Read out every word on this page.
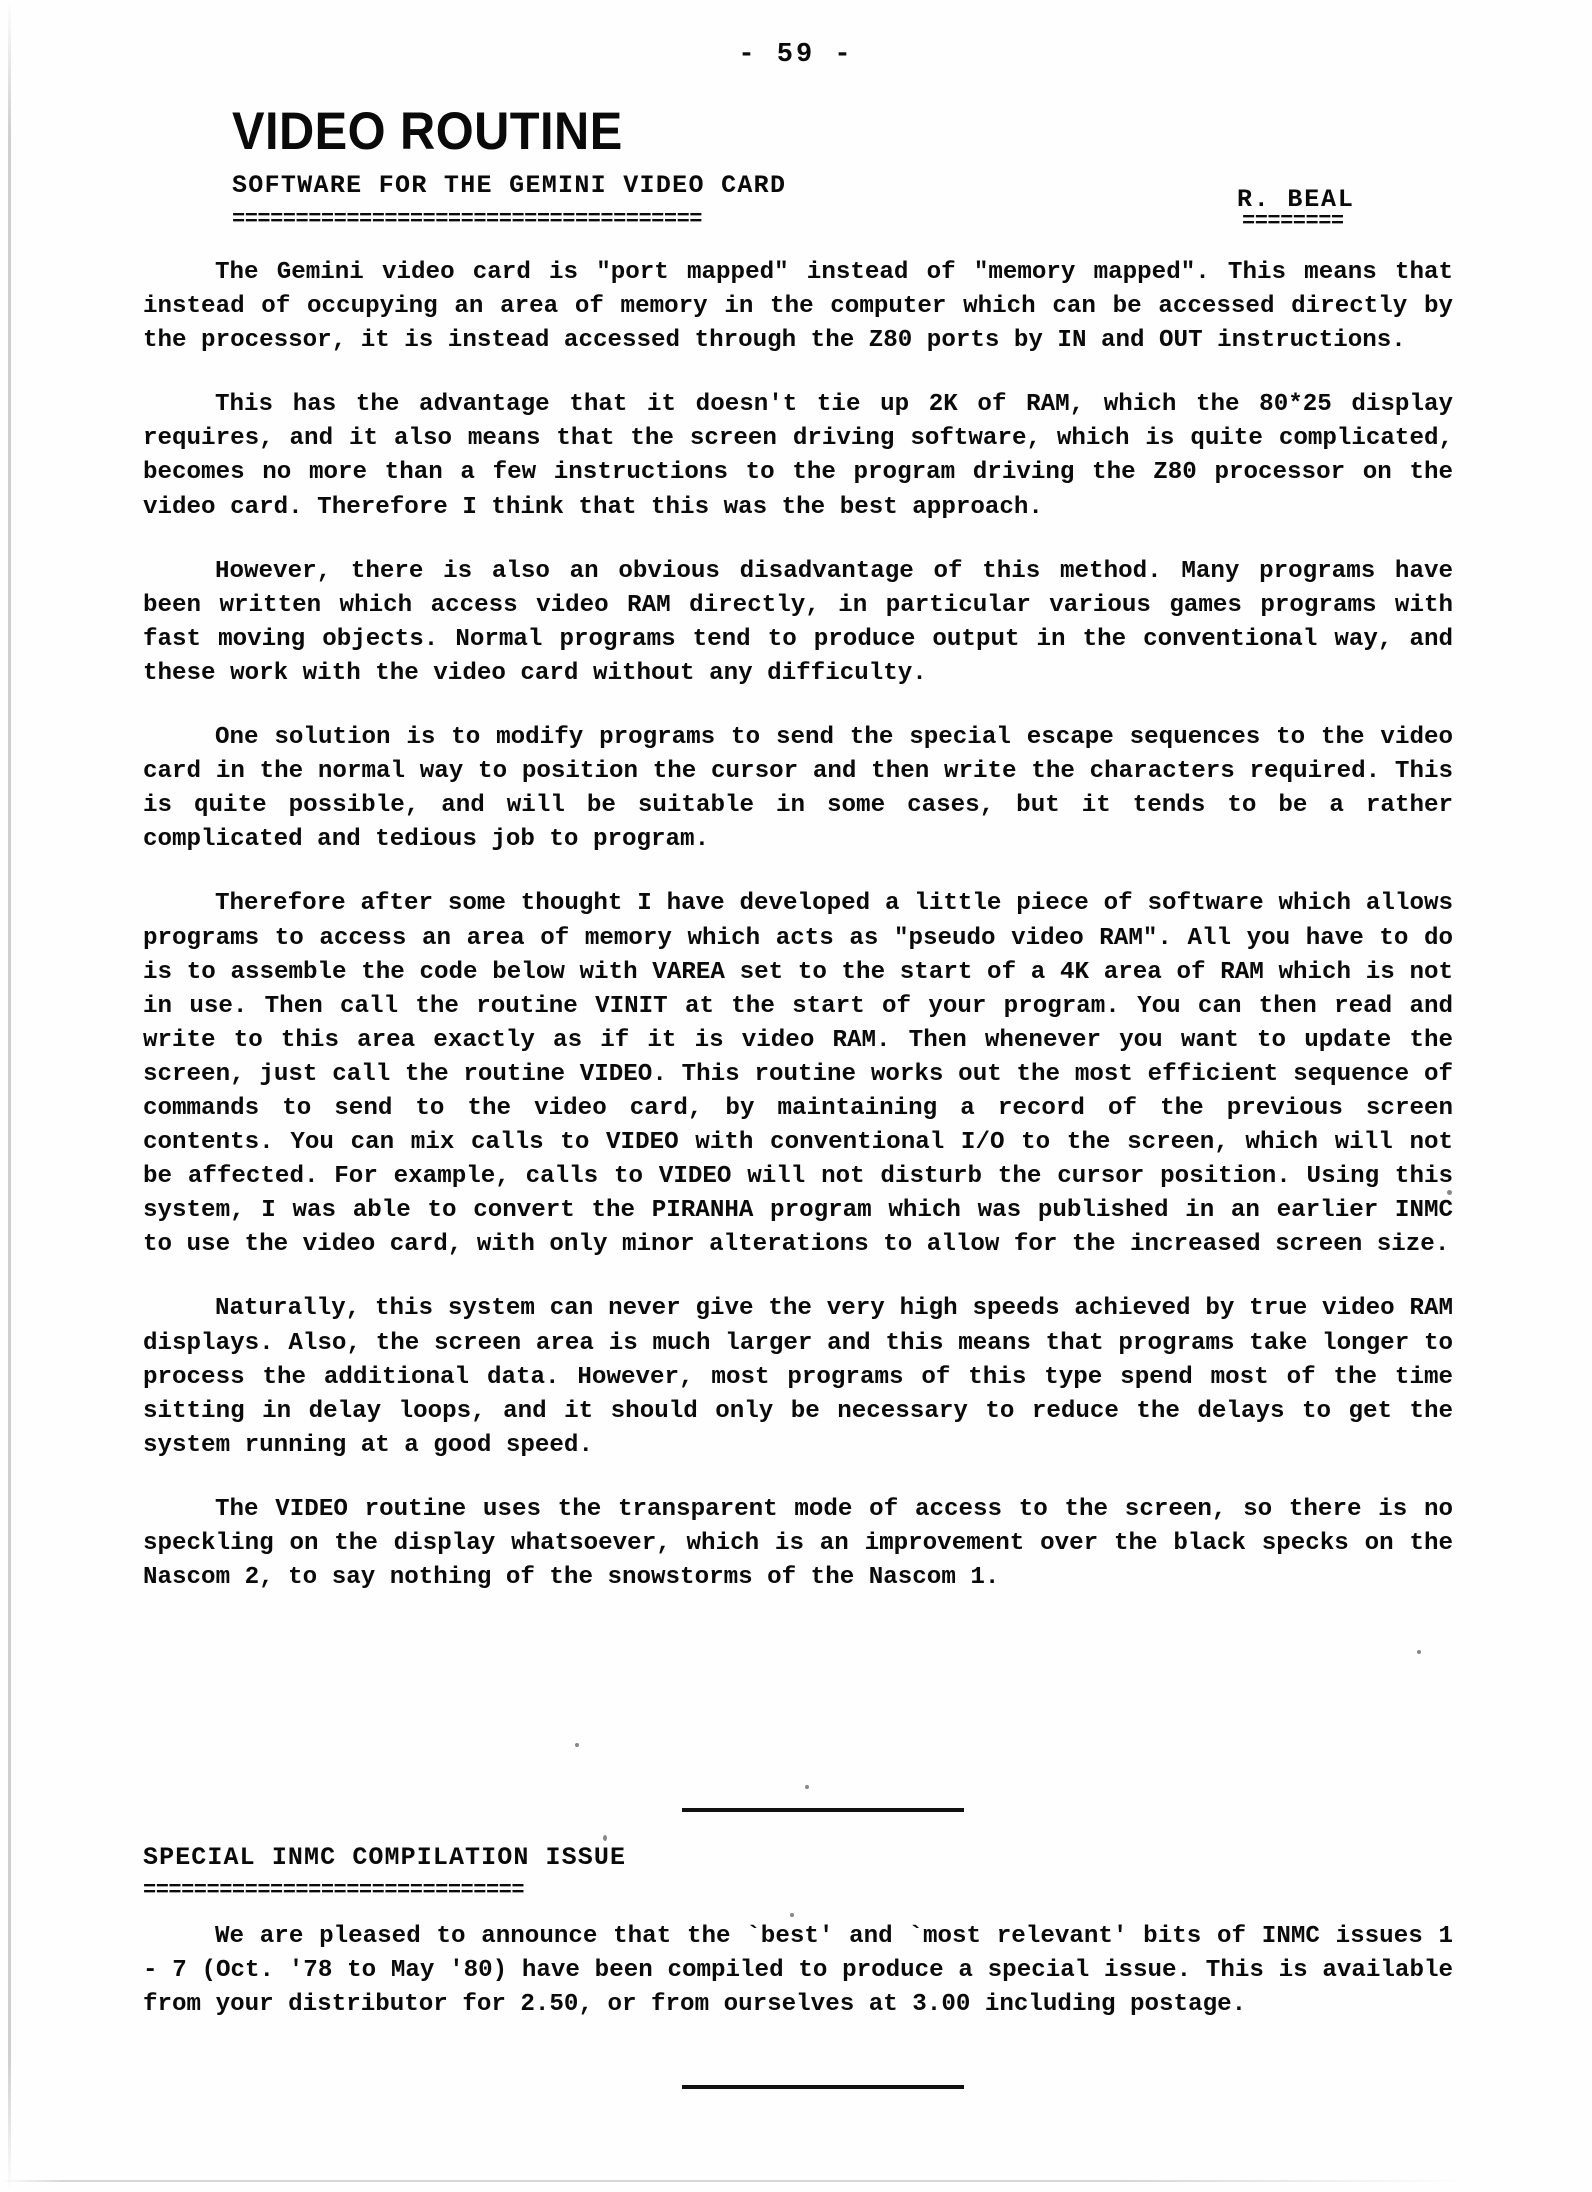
- 59 -
VIDEO ROUTINE
SOFTWARE FOR THE GEMINI VIDEO CARD	R. BEAL
=====================================	========

The Gemini video card is "port mapped" instead of "memory mapped". This means that instead of occupying an area of memory in the computer which can be accessed directly by the processor, it is instead accessed through the Z80 ports by IN and OUT instructions.

This has the advantage that it doesn't tie up 2K of RAM, which the 80*25 display requires, and it also means that the screen driving software, which is quite complicated, becomes no more than a few instructions to the program driving the Z80 processor on the video card. Therefore I think that this was the best approach.

However, there is also an obvious disadvantage of this method. Many programs have been written which access video RAM directly, in particular various games programs with fast moving objects. Normal programs tend to produce output in the conventional way, and these work with the video card without any difficulty.

One solution is to modify programs to send the special escape sequences to the video card in the normal way to position the cursor and then write the characters required. This is quite possible, and will be suitable in some cases, but it tends to be a rather complicated and tedious job to program.

Therefore after some thought I have developed a little piece of software which allows programs to access an area of memory which acts as "pseudo video RAM". All you have to do is to assemble the code below with VAREA set to the start of a 4K area of RAM which is not in use. Then call the routine VINIT at the start of your program. You can then read and write to this area exactly as if it is video RAM. Then whenever you want to update the screen, just call the routine VIDEO. This routine works out the most efficient sequence of commands to send to the video card, by maintaining a record of the previous screen contents. You can mix calls to VIDEO with conventional I/O to the screen, which will not be affected. For example, calls to VIDEO will not disturb the cursor position. Using this system, I was able to convert the PIRANHA program which was published in an earlier INMC to use the video card, with only minor alterations to allow for the increased screen size.

Naturally, this system can never give the very high speeds achieved by true video RAM displays. Also, the screen area is much larger and this means that programs take longer to process the additional data. However, most programs of this type spend most of the time sitting in delay loops, and it should only be necessary to reduce the delays to get the system running at a good speed.

The VIDEO routine uses the transparent mode of access to the screen, so there is no speckling on the display whatsoever, which is an improvement over the black specks on the Nascom 2, to say nothing of the snowstorms of the Nascom 1.

SPECIAL INMC COMPILATION ISSUE
==============================

We are pleased to announce that the `best' and `most relevant' bits of INMC issues 1 - 7 (Oct. '78 to May '80) have been compiled to produce a special issue. This is available from your distributor for 2.50, or from ourselves at 3.00 including postage.
